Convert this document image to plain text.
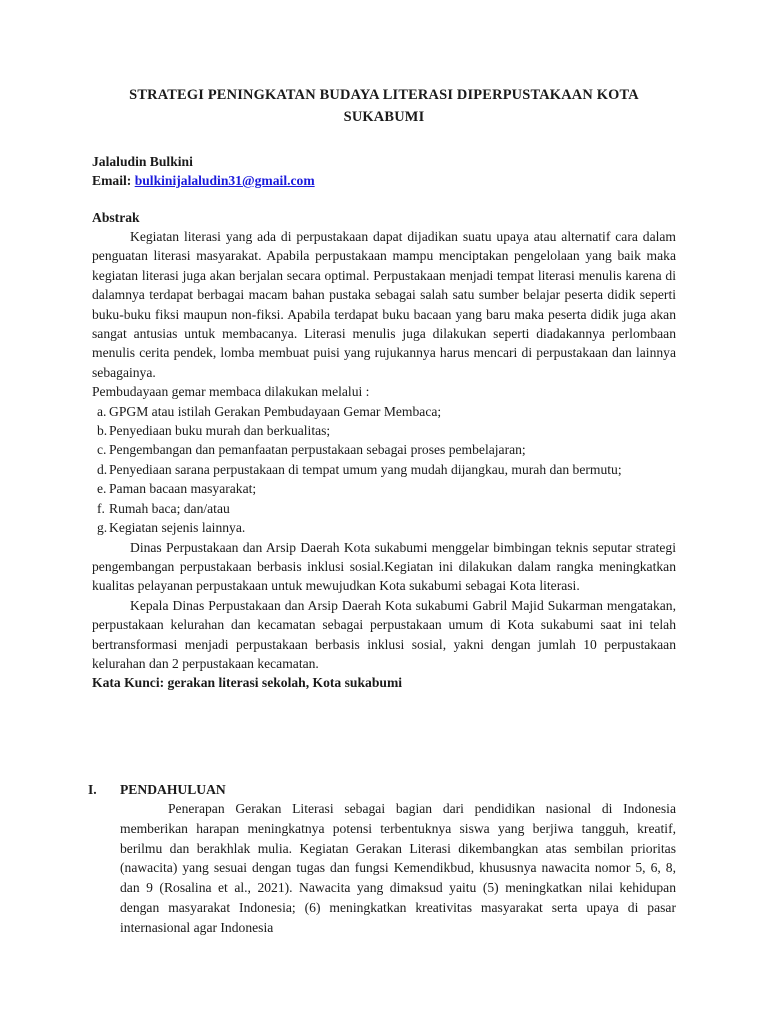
STRATEGI PENINGKATAN BUDAYA LITERASI DIPERPUSTAKAAN KOTA SUKABUMI
Jalaludin Bulkini
Email: bulkinijalaludin31@gmail.com
Abstrak

Kegiatan literasi yang ada di perpustakaan dapat dijadikan suatu upaya atau alternatif cara dalam penguatan literasi masyarakat. Apabila perpustakaan mampu menciptakan pengelolaan yang baik maka kegiatan literasi juga akan berjalan secara optimal. Perpustakaan menjadi tempat literasi menulis karena di dalamnya terdapat berbagai macam bahan pustaka sebagai salah satu sumber belajar peserta didik seperti buku-buku fiksi maupun non-fiksi. Apabila terdapat buku bacaan yang baru maka peserta didik juga akan sangat antusias untuk membacanya. Literasi menulis juga dilakukan seperti diadakannya perlombaan menulis cerita pendek, lomba membuat puisi yang rujukannya harus mencari di perpustakaan dan lainnya sebagainya.

Pembudayaan gemar membaca dilakukan melalui :

a. GPGM atau istilah Gerakan Pembudayaan Gemar Membaca;
b. Penyediaan buku murah dan berkualitas;
c. Pengembangan dan pemanfaatan perpustakaan sebagai proses pembelajaran;
d. Penyediaan sarana perpustakaan di tempat umum yang mudah dijangkau, murah dan bermutu;
e. Paman bacaan masyarakat;
f. Rumah baca; dan/atau
g. Kegiatan sejenis lainnya.

Dinas Perpustakaan dan Arsip Daerah Kota sukabumi menggelar bimbingan teknis seputar strategi pengembangan perpustakaan berbasis inklusi sosial.Kegiatan ini dilakukan dalam rangka meningkatkan kualitas pelayanan perpustakaan untuk mewujudkan Kota sukabumi sebagai Kota literasi.

Kepala Dinas Perpustakaan dan Arsip Daerah Kota sukabumi Gabril Majid Sukarman mengatakan, perpustakaan kelurahan dan kecamatan sebagai perpustakaan umum di Kota sukabumi saat ini telah bertransformasi menjadi perpustakaan berbasis inklusi sosial, yakni dengan jumlah 10 perpustakaan kelurahan dan 2 perpustakaan kecamatan.

Kata Kunci: gerakan literasi sekolah, Kota sukabumi
I.	PENDAHULUAN
Penerapan Gerakan Literasi sebagai bagian dari pendidikan nasional di Indonesia memberikan harapan meningkatnya potensi terbentuknya siswa yang berjiwa tangguh, kreatif, berilmu dan berakhlak mulia. Kegiatan Gerakan Literasi dikembangkan atas sembilan prioritas (nawacita) yang sesuai dengan tugas dan fungsi Kemendikbud, khususnya nawacita nomor 5, 6, 8, dan 9 (Rosalina et al., 2021). Nawacita yang dimaksud yaitu (5) meningkatkan nilai kehidupan dengan masyarakat Indonesia; (6) meningkatkan kreativitas masyarakat serta upaya di pasar internasional agar Indonesia
